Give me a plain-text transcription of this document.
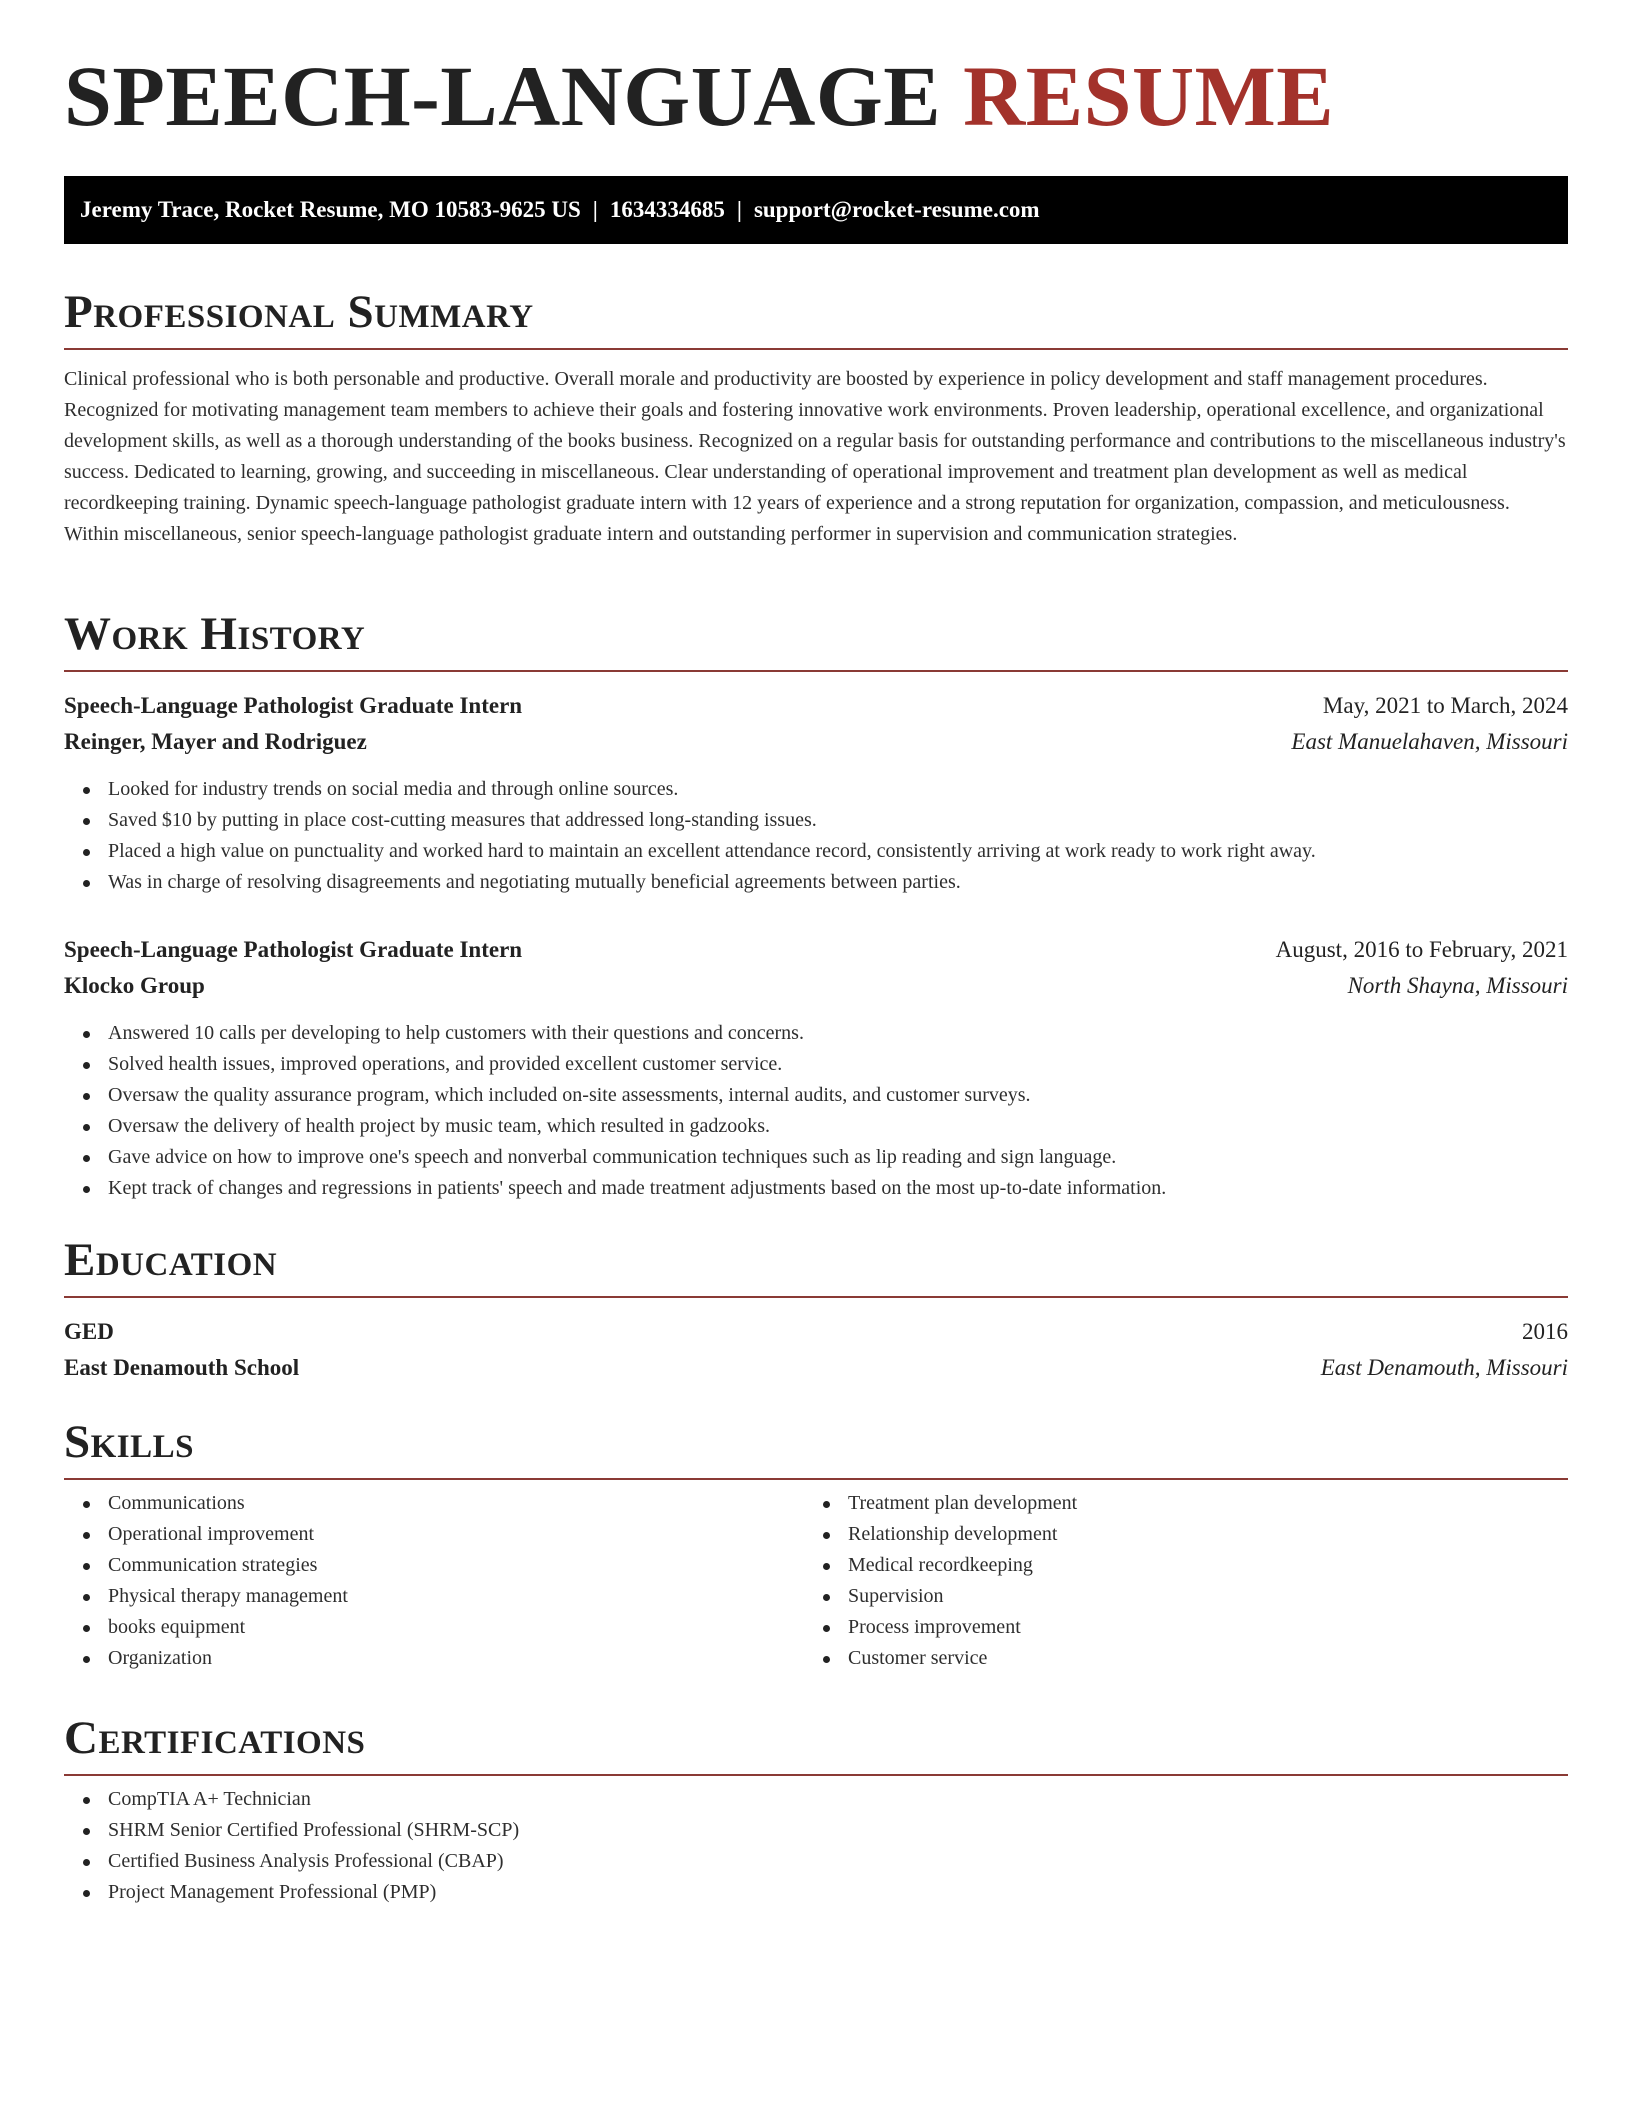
SPEECH-LANGUAGE RESUME
Jeremy Trace, Rocket Resume, MO 10583-9625 US | 1634334685 | support@rocket-resume.com
Professional Summary

Clinical professional who is both personable and productive. Overall morale and productivity are boosted by experience in policy development and staff management procedures. Recognized for motivating management team members to achieve their goals and fostering innovative work environments. Proven leadership, operational excellence, and organizational development skills, as well as a thorough understanding of the books business. Recognized on a regular basis for outstanding performance and contributions to the miscellaneous industry's success. Dedicated to learning, growing, and succeeding in miscellaneous. Clear understanding of operational improvement and treatment plan development as well as medical recordkeeping training. Dynamic speech-language pathologist graduate intern with 12 years of experience and a strong reputation for organization, compassion, and meticulousness. Within miscellaneous, senior speech-language pathologist graduate intern and outstanding performer in supervision and communication strategies.

Work History
Speech-Language Pathologist Graduate Intern	May, 2021 to March, 2024
Reinger, Mayer and Rodriguez	East Manuelahaven, Missouri
Looked for industry trends on social media and through online sources.
Saved $10 by putting in place cost-cutting measures that addressed long-standing issues.
Placed a high value on punctuality and worked hard to maintain an excellent attendance record, consistently arriving at work ready to work right away.
Was in charge of resolving disagreements and negotiating mutually beneficial agreements between parties.
Speech-Language Pathologist Graduate Intern	August, 2016 to February, 2021
Klocko Group	North Shayna, Missouri
Answered 10 calls per developing to help customers with their questions and concerns.
Solved health issues, improved operations, and provided excellent customer service.
Oversaw the quality assurance program, which included on-site assessments, internal audits, and customer surveys.
Oversaw the delivery of health project by music team, which resulted in gadzooks.
Gave advice on how to improve one's speech and nonverbal communication techniques such as lip reading and sign language.
Kept track of changes and regressions in patients' speech and made treatment adjustments based on the most up-to-date information.
Education
GED	2016
East Denamouth School	East Denamouth, Missouri
Skills
Communications
Operational improvement
Communication strategies
Physical therapy management
books equipment
Organization
Treatment plan development
Relationship development
Medical recordkeeping
Supervision
Process improvement
Customer service
Certifications
CompTIA A+ Technician
SHRM Senior Certified Professional (SHRM-SCP)
Certified Business Analysis Professional (CBAP)
Project Management Professional (PMP)
